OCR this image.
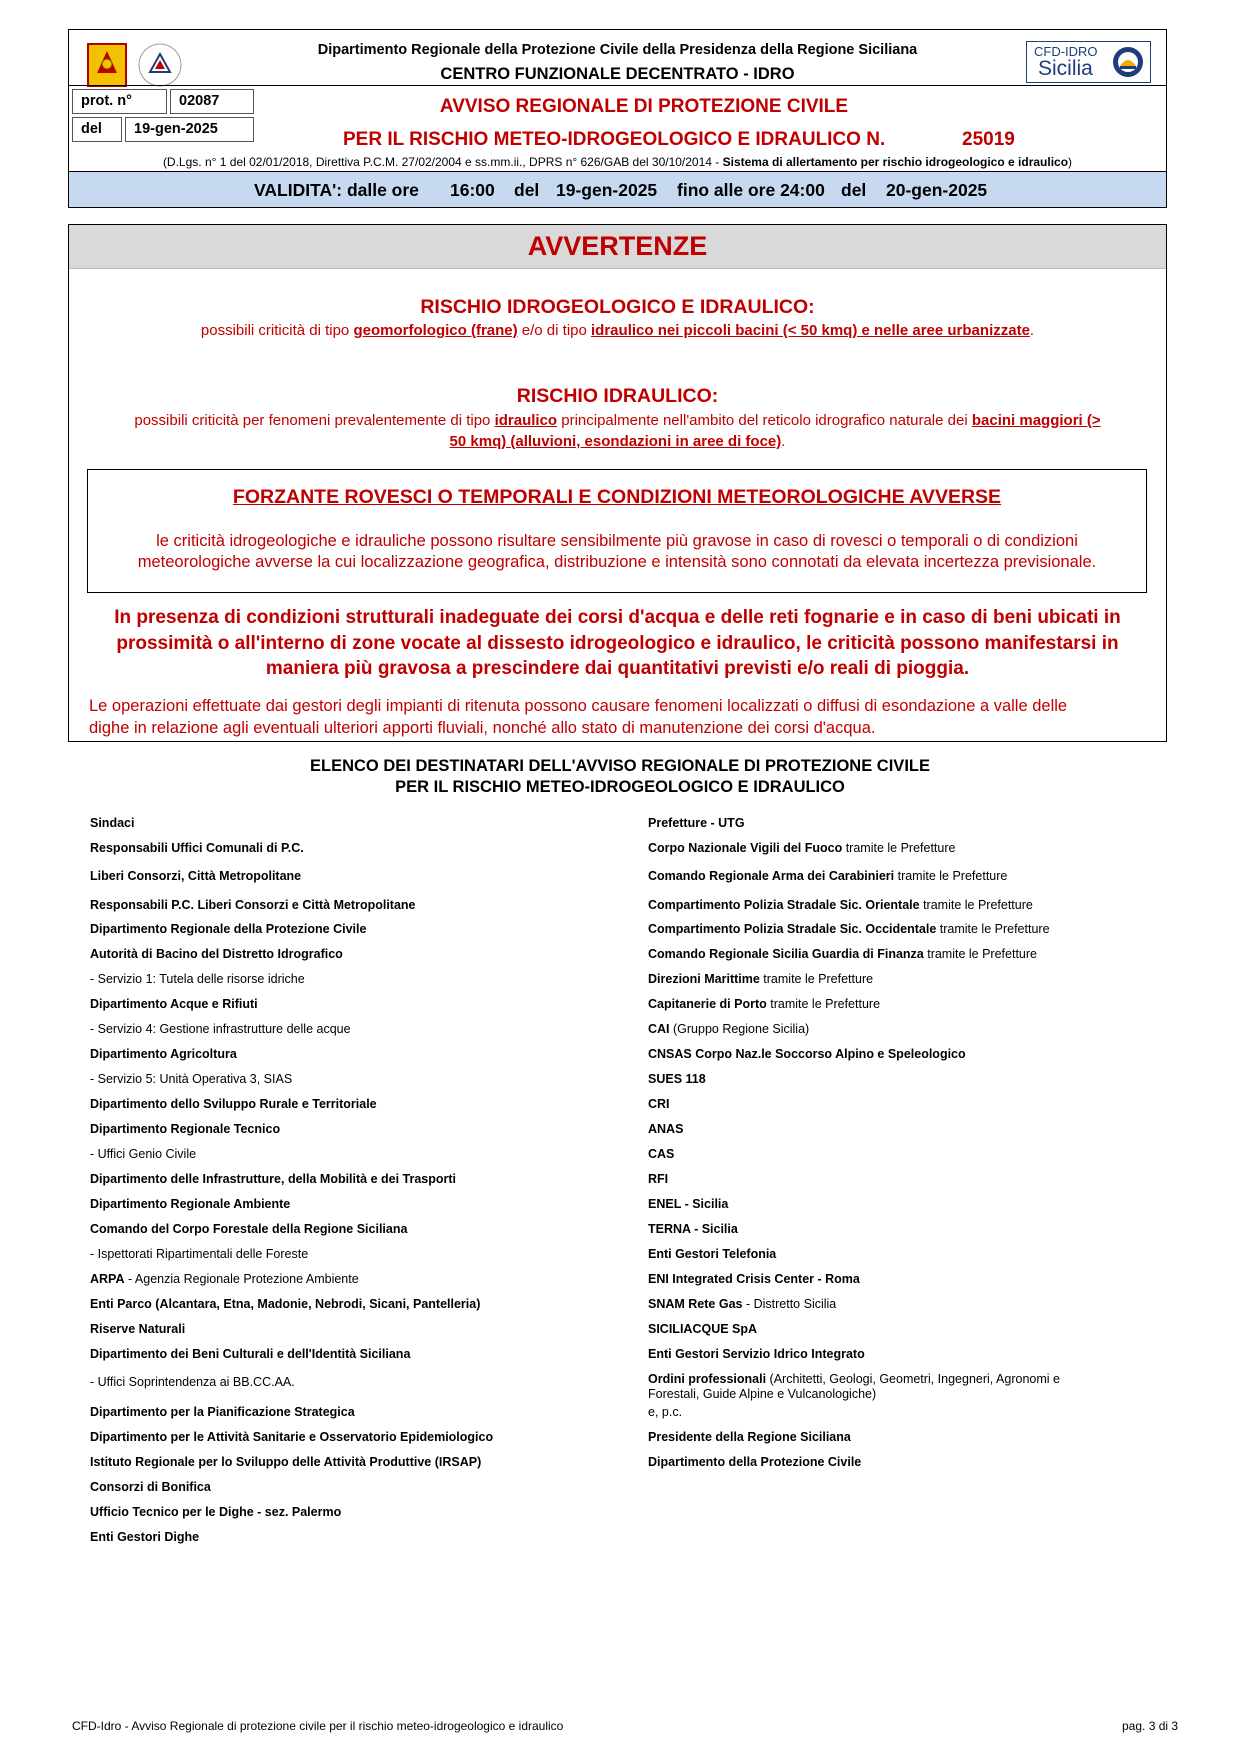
Dipartimento Regionale della Protezione Civile della Presidenza della Regione Siciliana
CENTRO FUNZIONALE DECENTRATO - IDRO
CFD-IDRO
Sicilia
prot. n°	02087
del	19-gen-2025
AVVISO REGIONALE DI PROTEZIONE CIVILE
PER IL RISCHIO METEO-IDROGEOLOGICO E IDRAULICO N.	25019
(D.Lgs. n° 1 del 02/01/2018, Direttiva P.C.M. 27/02/2004 e ss.mm.ii., DPRS n° 626/GAB del 30/10/2014 - Sistema di allertamento per rischio idrogeologico e idraulico)
VALIDITA': dalle ore 16:00 del 19-gen-2025 fino alle ore 24:00 del 20-gen-2025
AVVERTENZE
RISCHIO IDROGEOLOGICO E IDRAULICO:
possibili criticità di tipo geomorfologico (frane) e/o di tipo idraulico nei piccoli bacini (< 50 kmq) e nelle aree urbanizzate.
RISCHIO IDRAULICO:
possibili criticità per fenomeni prevalentemente di tipo idraulico principalmente nell'ambito del reticolo idrografico naturale dei bacini maggiori (>
50 kmq) (alluvioni, esondazioni in aree di foce).
FORZANTE ROVESCI O TEMPORALI E CONDIZIONI METEOROLOGICHE AVVERSE
le criticità idrogeologiche e idrauliche possono risultare sensibilmente più gravose in caso di rovesci o temporali o di condizioni
meteorologiche avverse la cui localizzazione geografica, distribuzione e intensità sono connotati da elevata incertezza previsionale.
In presenza di condizioni strutturali inadeguate dei corsi d'acqua e delle reti fognarie e in caso di beni ubicati in
prossimità o all'interno di zone vocate al dissesto idrogeologico e idraulico, le criticità possono manifestarsi in
maniera più gravosa a prescindere dai quantitativi previsti e/o reali di pioggia.
Le operazioni effettuate dai gestori degli impianti di ritenuta possono causare fenomeni localizzati o diffusi di esondazione a valle delle
dighe in relazione agli eventuali ulteriori apporti fluviali, nonché allo stato di manutenzione dei corsi d'acqua.
ELENCO DEI DESTINATARI DELL'AVVISO REGIONALE DI PROTEZIONE CIVILE
PER IL RISCHIO METEO-IDROGEOLOGICO E IDRAULICO
Sindaci
Responsabili Uffici Comunali di P.C.
Liberi Consorzi, Città Metropolitane
Responsabili P.C. Liberi Consorzi e Città Metropolitane
Dipartimento Regionale della Protezione Civile
Autorità di Bacino del Distretto Idrografico
- Servizio 1: Tutela delle risorse idriche
Dipartimento Acque e Rifiuti
- Servizio 4: Gestione infrastrutture delle acque
Dipartimento Agricoltura
- Servizio 5: Unità Operativa 3, SIAS
Dipartimento dello Sviluppo Rurale e Territoriale
Dipartimento Regionale Tecnico
- Uffici Genio Civile
Dipartimento delle Infrastrutture, della Mobilità e dei Trasporti
Dipartimento Regionale Ambiente
Comando del Corpo Forestale della Regione Siciliana
- Ispettorati Ripartimentali delle Foreste
ARPA - Agenzia Regionale Protezione Ambiente
Enti Parco (Alcantara, Etna, Madonie, Nebrodi, Sicani, Pantelleria)
Riserve Naturali
Dipartimento dei Beni Culturali e dell'Identità Siciliana
- Uffici Soprintendenza ai BB.CC.AA.
Dipartimento per la Pianificazione Strategica
Dipartimento per le Attività Sanitarie e Osservatorio Epidemiologico
Istituto Regionale per lo Sviluppo delle Attività Produttive (IRSAP)
Consorzi di Bonifica
Ufficio Tecnico per le Dighe - sez. Palermo
Enti Gestori Dighe
Prefetture - UTG
Corpo Nazionale Vigili del Fuoco tramite le Prefetture
Comando Regionale Arma dei Carabinieri tramite le Prefetture
Compartimento Polizia Stradale Sic. Orientale tramite le Prefetture
Compartimento Polizia Stradale Sic. Occidentale tramite le Prefetture
Comando Regionale Sicilia Guardia di Finanza tramite le Prefetture
Direzioni Marittime tramite le Prefetture
Capitanerie di Porto tramite le Prefetture
CAI (Gruppo Regione Sicilia)
CNSAS Corpo Naz.le Soccorso Alpino e Speleologico
SUES 118
CRI
ANAS
CAS
RFI
ENEL - Sicilia
TERNA - Sicilia
Enti Gestori Telefonia
ENI Integrated Crisis Center - Roma
SNAM Rete Gas - Distretto Sicilia
SICILIACQUE SpA
Enti Gestori Servizio Idrico Integrato
Ordini professionali (Architetti, Geologi, Geometri, Ingegneri, Agronomi e Forestali, Guide Alpine e Vulcanologiche)
e, p.c.
Presidente della Regione Siciliana
Dipartimento della Protezione Civile
CFD-Idro - Avviso Regionale di protezione civile per il rischio meteo-idrogeologico e idraulico	pag. 3 di 3
